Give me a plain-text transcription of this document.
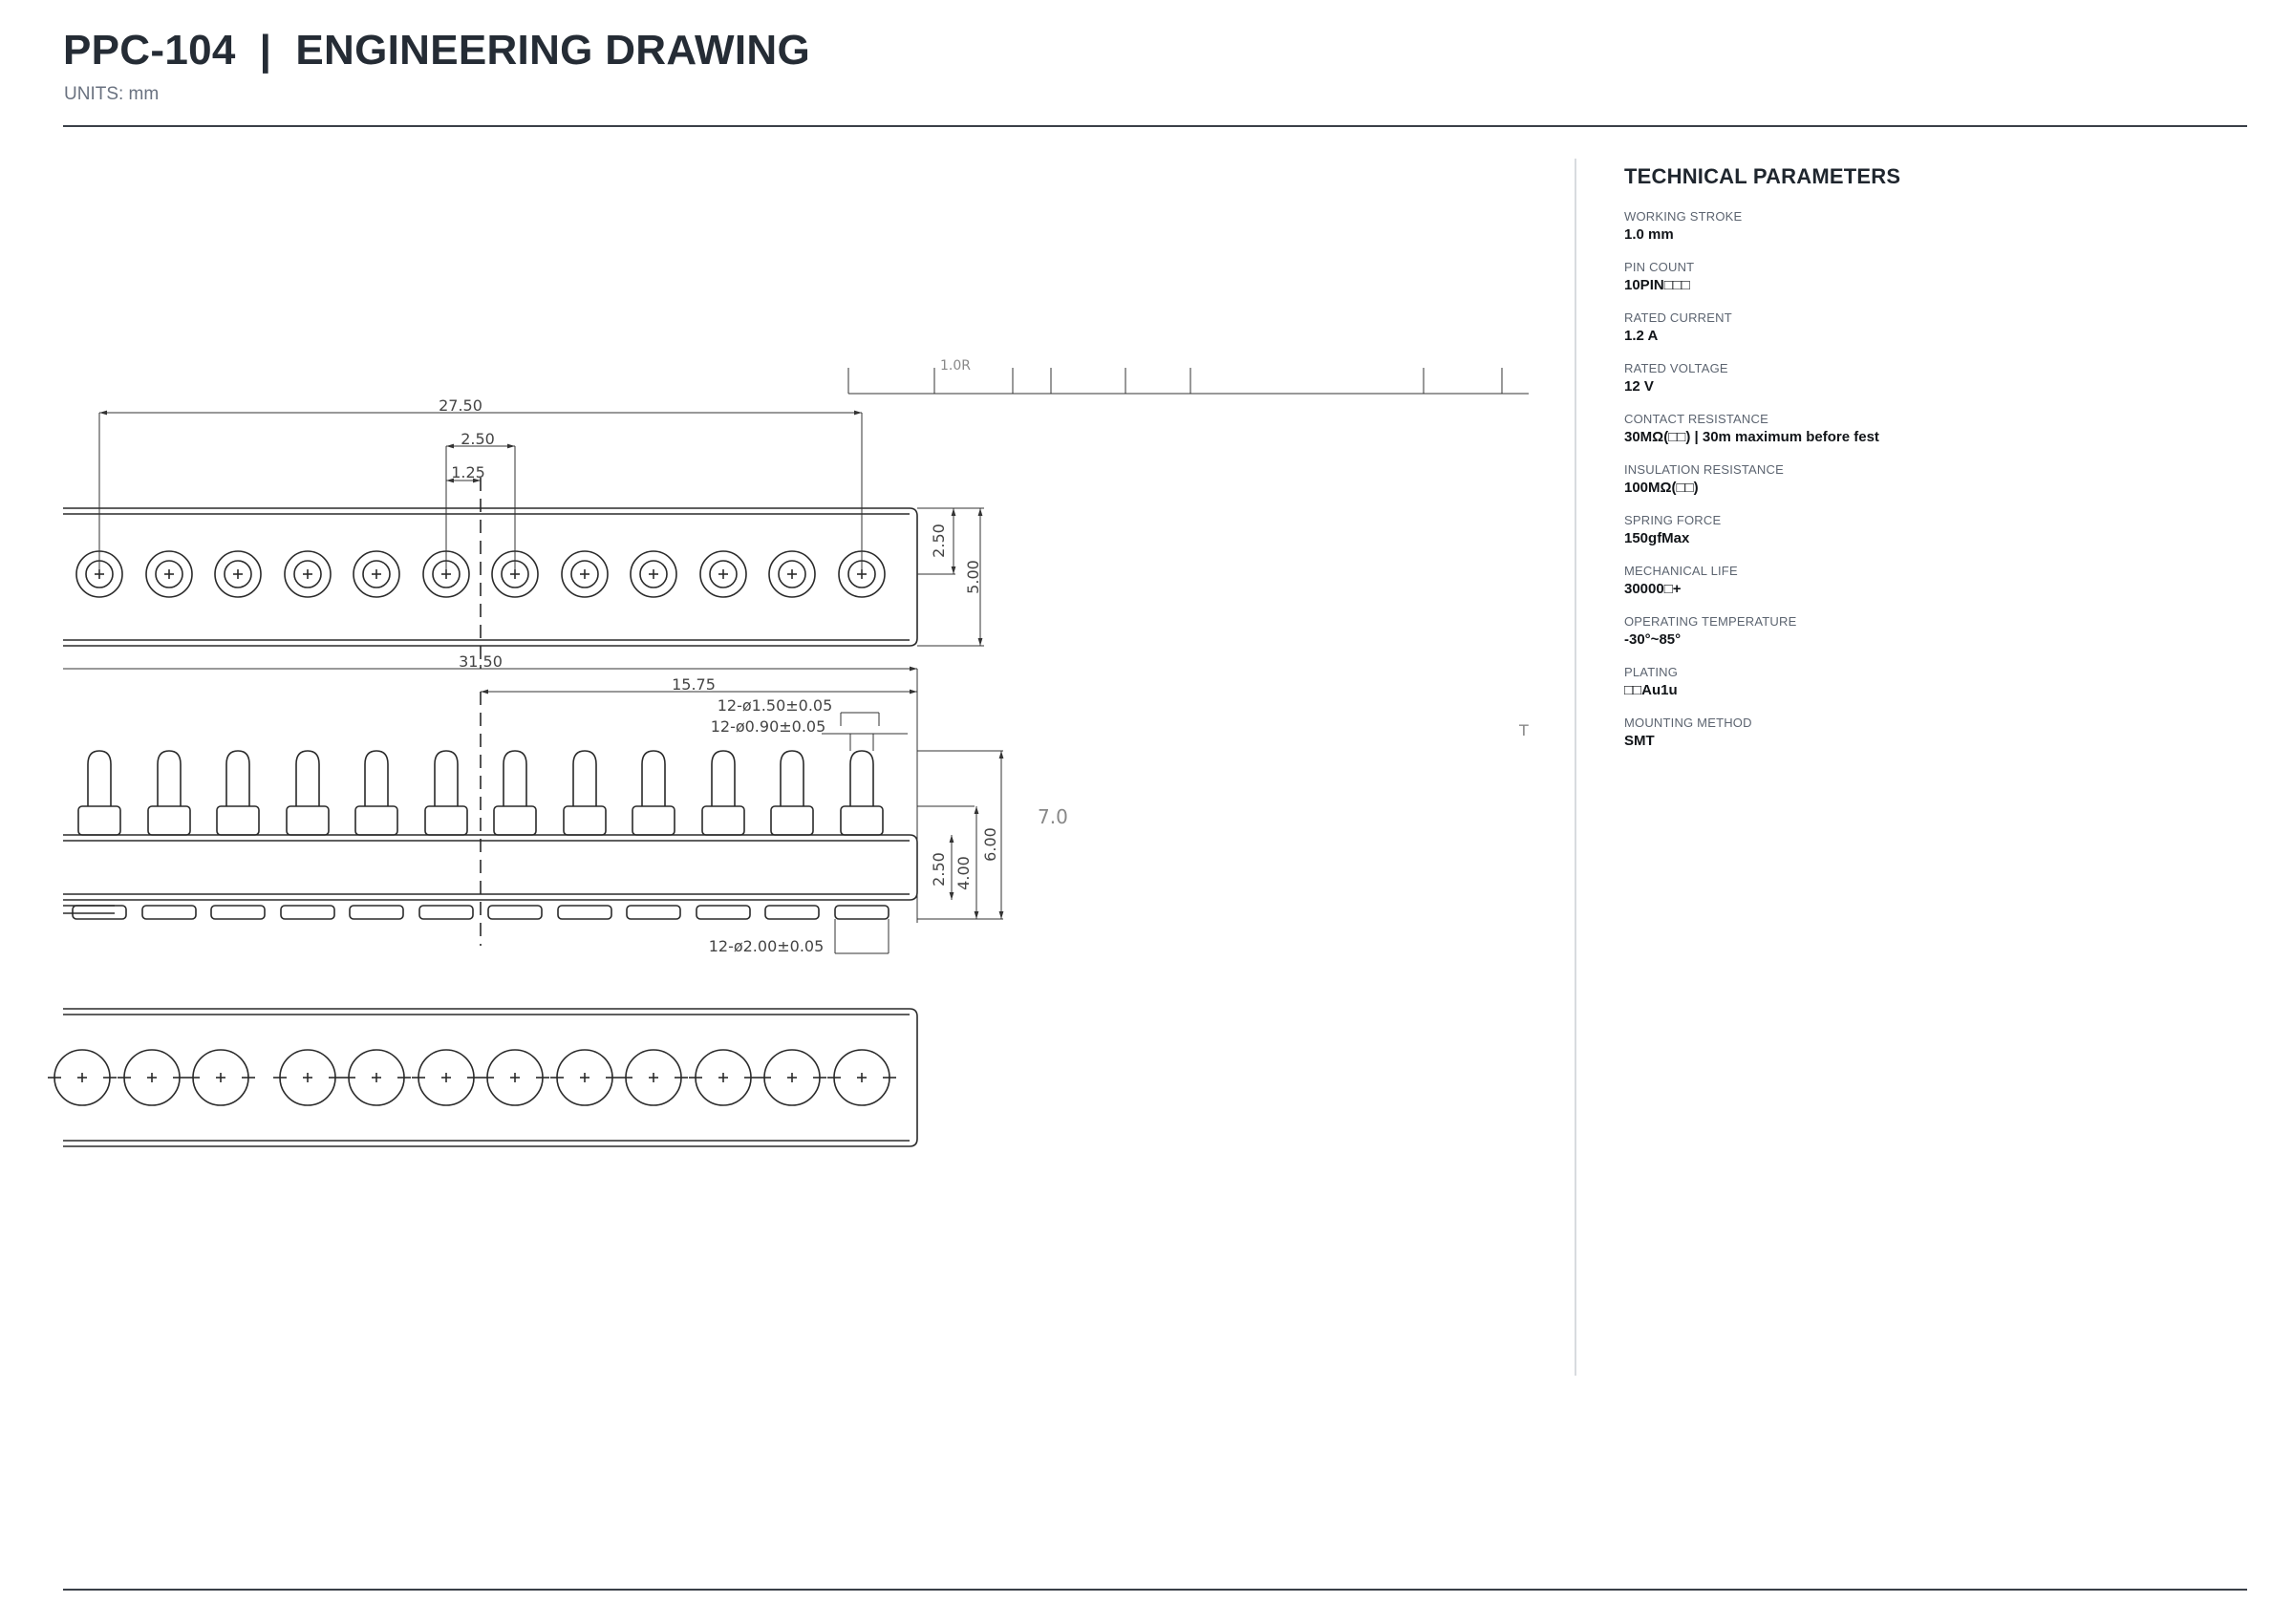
PPC-104  |  ENGINEERING DRAWING
UNITS: mm
27.50
2.50
1.25
2.50
5.00
31.50
15.75
12-ø1.50±0.05
12-ø0.90±0.05
2.50 4.00
6.00
12-ø2.00±0.05
7.0
1.0R
T
TECHNICAL PARAMETERS
WORKING STROKE
1.0 mm
PIN COUNT
10PIN□□□
RATED CURRENT
1.2 A
RATED VOLTAGE
12 V
CONTACT RESISTANCE
30MΩ(□□) | 30m maximum before fest
INSULATION RESISTANCE
100MΩ(□□)
SPRING FORCE
150gfMax
MECHANICAL LIFE
30000□+
OPERATING TEMPERATURE
-30°~85°
PLATING
□□Au1u
MOUNTING METHOD
SMT
